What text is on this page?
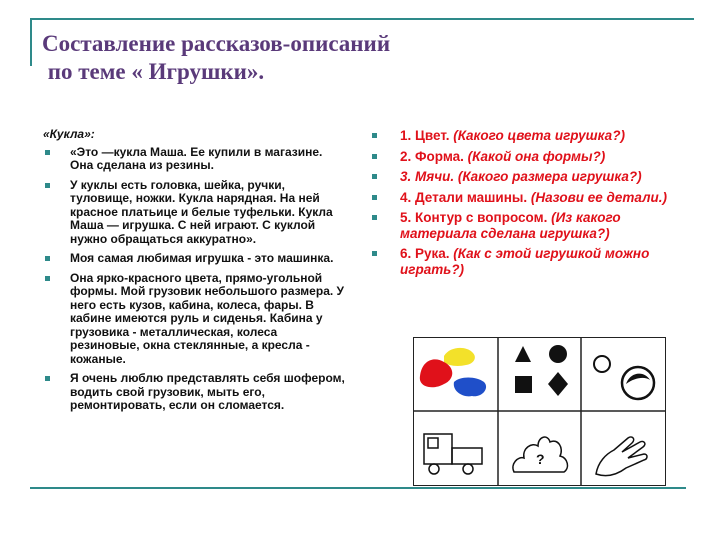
Составление рассказов-описаний
по теме « Игрушки».
«Кукла»:
«Это —кукла Маша. Ее купили в магазине. Она сделана из резины.
У куклы есть головка, шейка, ручки, туловище, ножки. Кукла нарядная. На ней красное платьице и белые туфельки. Кукла Маша — игрушка. С ней играют. С куклой нужно обращаться аккуратно».
Моя самая любимая игрушка - это машинка.
Она ярко-красного цвета, прямо-угольной формы. Мой грузовик небольшого размера. У него есть кузов, кабина, колеса, фары. В кабине имеются руль и сиденья. Кабина у грузовика - металлическая, колеса резиновые, окна стеклянные, а кресла - кожаные.
Я очень люблю представлять себя шофером, водить свой грузовик, мыть его, ремонтировать, если он сломается.
1. Цвет. (Какого цвета игрушка?)
2. Форма. (Какой она формы?)
3. Мячи. (Какого размера игрушка?)
4. Детали машины. (Назови ее детали.)
5. Контур с вопросом. (Из какого материала сделана игрушка?)
6. Рука. (Как с этой игрушкой можно играть?)
?
